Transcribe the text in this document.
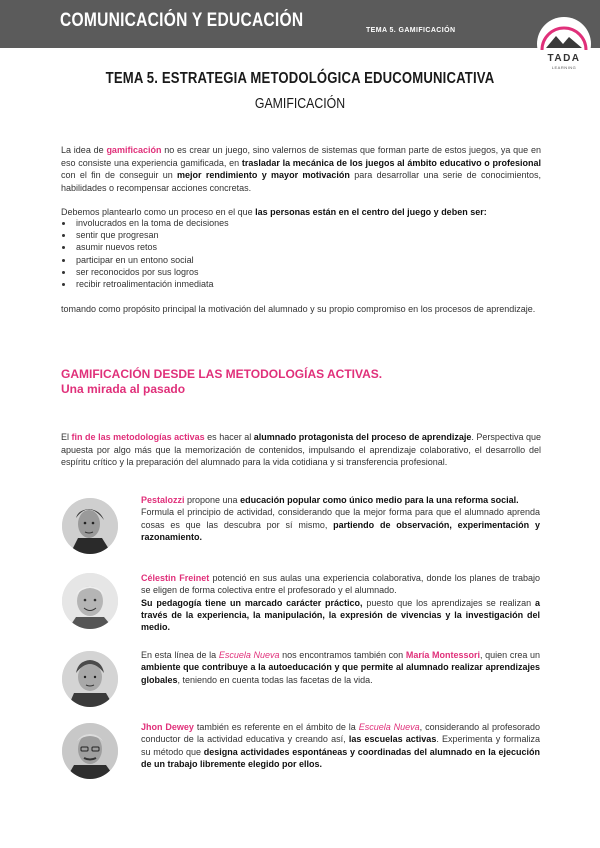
COMUNICACIÓN Y EDUCACIÓN	TEMA 5. GAMIFICACIÓN
TADA
LEARNING
TEMA 5. ESTRATEGIA METODOLÓGICA EDUCOMUNICATIVA
GAMIFICACIÓN
La idea de gamificación no es crear un juego, sino valernos de sistemas que forman parte de estos juegos, ya que en eso consiste una experiencia gamificada, en trasladar la mecánica de los juegos al ámbito educativo o profesional con el fin de conseguir un mejor rendimiento y mayor motivación para desarrollar una serie de conocimientos, habilidades o recompensar acciones concretas.
Debemos plantearlo como un proceso en el que las personas están en el centro del juego y deben ser:
• involucrados en la toma de decisiones
• sentir que progresan
• asumir nuevos retos
• participar en un entono social
• ser reconocidos por sus logros
• recibir retroalimentación inmediata
tomando como propósito principal la motivación del alumnado y su propio compromiso en los procesos de aprendizaje.
GAMIFICACIÓN DESDE LAS METODOLOGÍAS ACTIVAS.
Una mirada al pasado
El fin de las metodologías activas es hacer al alumnado protagonista del proceso de aprendizaje. Perspectiva que apuesta por algo más que la memorización de contenidos, impulsando el aprendizaje colaborativo, el desarrollo del espíritu crítico y la preparación del alumnado para la vida cotidiana y si transferencia profesional.
Pestalozzi propone una educación popular como único medio para la una reforma social.
Formula el principio de actividad, considerando que la mejor forma para que el alumnado aprenda cosas es que las descubra por sí mismo, partiendo de observación, experimentación y razonamiento.
Célestin Freinet potenció en sus aulas una experiencia colaborativa, donde los planes de trabajo se eligen de forma colectiva entre el profesorado y el alumnado.
Su pedagogía tiene un marcado carácter práctico, puesto que los aprendizajes se realizan a través de la experiencia, la manipulación, la expresión de vivencias y la investigación del medio.
En esta línea de la Escuela Nueva nos encontramos también con María Montessori, quien crea un ambiente que contribuye a la autoeducación y que permite al alumnado realizar aprendizajes globales, teniendo en cuenta todas las facetas de la vida.
Jhon Dewey también es referente en el ámbito de la Escuela Nueva, considerando al profesorado conductor de la actividad educativa y creando así, las escuelas activas. Experimenta y formaliza su método que designa actividades espontáneas y coordinadas del alumnado en la ejecución de un trabajo libremente elegido por ellos.
